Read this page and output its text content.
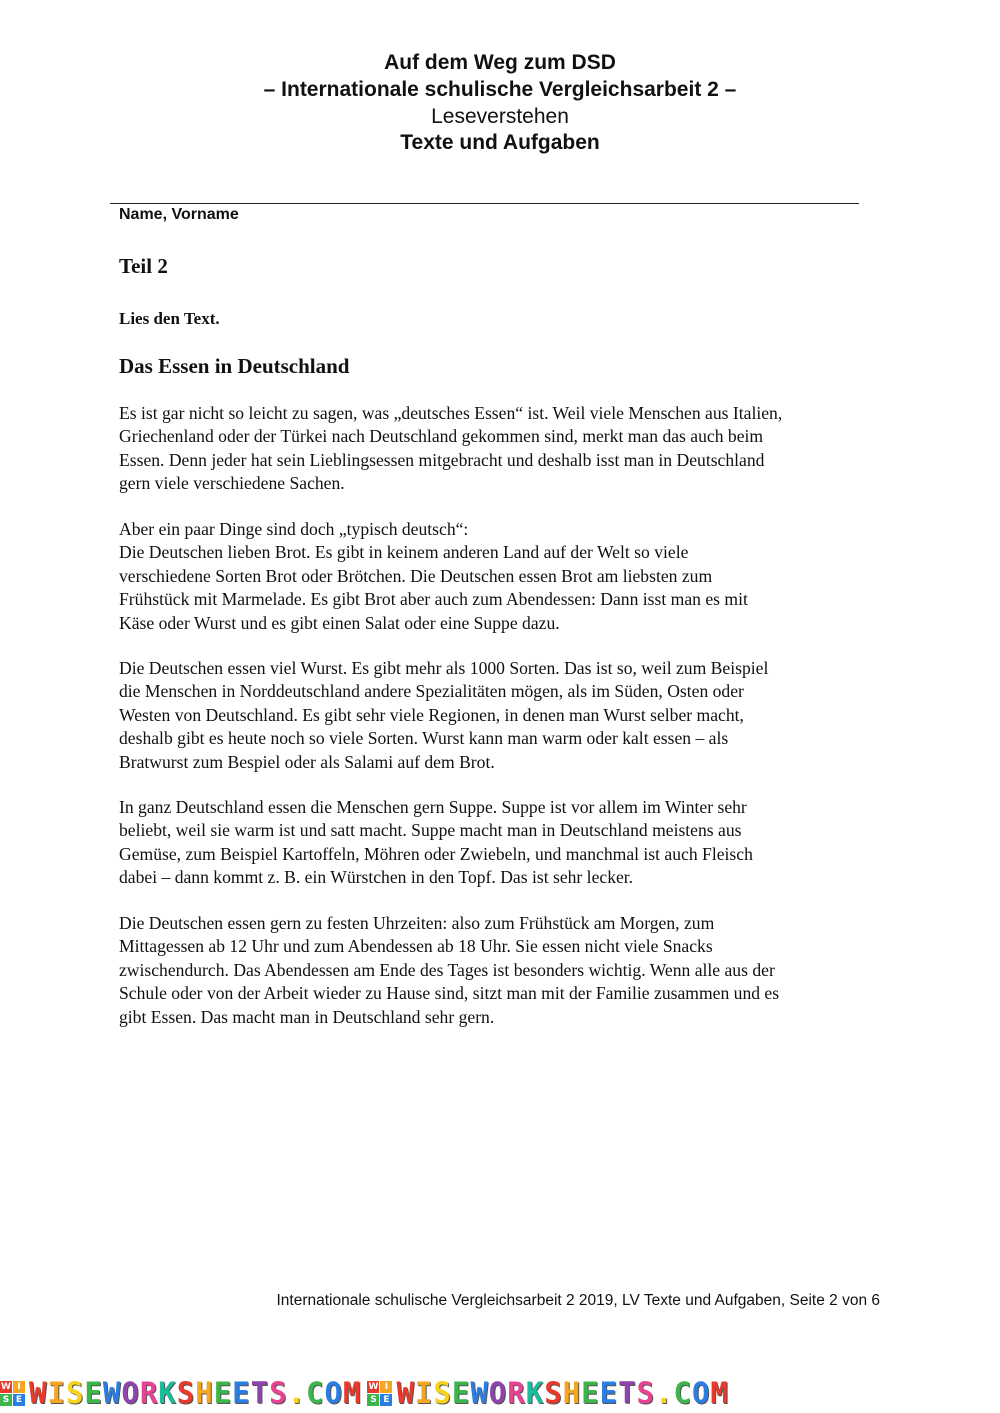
Auf dem Weg zum DSD
– Internationale schulische Vergleichsarbeit 2 –
Leseverstehen
Texte und Aufgaben
Name, Vorname
Teil 2
Lies den Text.
Das Essen in Deutschland

Es ist gar nicht so leicht zu sagen, was „deutsches Essen“ ist. Weil viele Menschen aus Italien,
Griechenland oder der Türkei nach Deutschland gekommen sind, merkt man das auch beim
Essen. Denn jeder hat sein Lieblingsessen mitgebracht und deshalb isst man in Deutschland
gern viele verschiedene Sachen.

Aber ein paar Dinge sind doch „typisch deutsch“:
Die Deutschen lieben Brot. Es gibt in keinem anderen Land auf der Welt so viele
verschiedene Sorten Brot oder Brötchen. Die Deutschen essen Brot am liebsten zum
Frühstück mit Marmelade. Es gibt Brot aber auch zum Abendessen: Dann isst man es mit
Käse oder Wurst und es gibt einen Salat oder eine Suppe dazu.

Die Deutschen essen viel Wurst. Es gibt mehr als 1000 Sorten. Das ist so, weil zum Beispiel
die Menschen in Norddeutschland andere Spezialitäten mögen, als im Süden, Osten oder
Westen von Deutschland. Es gibt sehr viele Regionen, in denen man Wurst selber macht,
deshalb gibt es heute noch so viele Sorten. Wurst kann man warm oder kalt essen – als
Bratwurst zum Bespiel oder als Salami auf dem Brot.

In ganz Deutschland essen die Menschen gern Suppe. Suppe ist vor allem im Winter sehr
beliebt, weil sie warm ist und satt macht. Suppe macht man in Deutschland meistens aus
Gemüse, zum Beispiel Kartoffeln, Möhren oder Zwiebeln, und manchmal ist auch Fleisch
dabei – dann kommt z. B. ein Würstchen in den Topf. Das ist sehr lecker.

Die Deutschen essen gern zu festen Uhrzeiten: also zum Frühstück am Morgen, zum
Mittagessen ab 12 Uhr und zum Abendessen ab 18 Uhr. Sie essen nicht viele Snacks
zwischendurch. Das Abendessen am Ende des Tages ist besonders wichtig. Wenn alle aus der
Schule oder von der Arbeit wieder zu Hause sind, sitzt man mit der Familie zusammen und es
gibt Essen. Das macht man in Deutschland sehr gern.

Internationale schulische Vergleichsarbeit 2 2019, LV Texte und Aufgaben, Seite 2 von 6
W I
S E WISEWORKSHEETS.COM W I
S E WISEWORKSHEETS.COM
